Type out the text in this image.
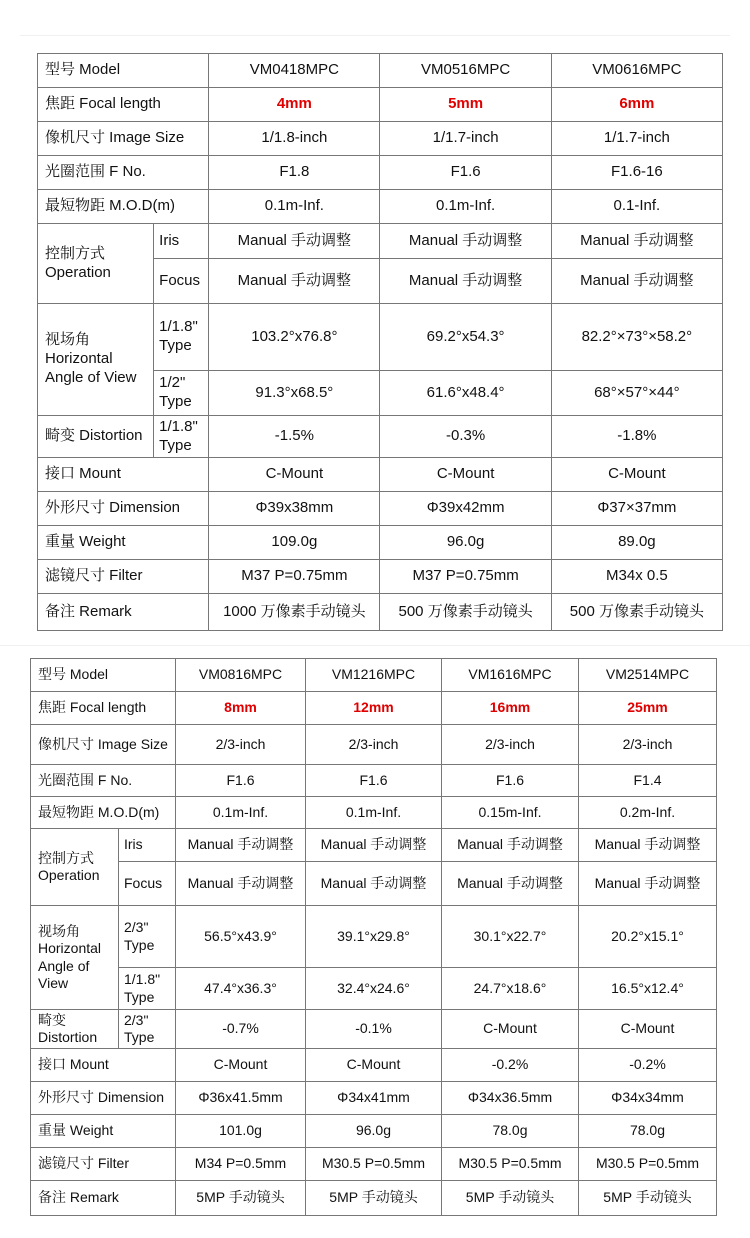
型号 Model		VM0418MPC	VM0516MPC	VM0616MPC
焦距 Focal length		4mm	5mm	6mm
像机尺寸 Image Size		1/1.8-inch	1/1.7-inch	1/1.7-inch
光圈范围 F No.		F1.8	F1.6	F1.6-16
最短物距 M.O.D(m)		0.1m-Inf.	0.1m-Inf.	0.1-Inf.
控制方式 Operation	Iris	Manual 手动调整	Manual 手动调整	Manual 手动调整
	Focus	Manual 手动调整	Manual 手动调整	Manual 手动调整
视场角 Horizontal Angle of View	1/1.8" Type	103.2°x76.8°	69.2°x54.3°	82.2°×73°×58.2°
	1/2" Type	91.3°x68.5°	61.6°x48.4°	68°×57°×44°
畸变 Distortion	1/1.8" Type	-1.5%	-0.3%	-1.8%
接口 Mount		C-Mount	C-Mount	C-Mount
外形尺寸 Dimension		Φ39x38mm	Φ39x42mm	Φ37×37mm
重量 Weight		109.0g	96.0g	89.0g
滤镜尺寸 Filter		M37 P=0.75mm	M37 P=0.75mm	M34x 0.5
备注 Remark		1000 万像素手动镜头	500 万像素手动镜头	500 万像素手动镜头
型号 Model		VM0816MPC	VM1216MPC	VM1616MPC	VM2514MPC
焦距 Focal length		8mm	12mm	16mm	25mm
像机尺寸 Image Size		2/3-inch	2/3-inch	2/3-inch	2/3-inch
光圈范围 F No.		F1.6	F1.6	F1.6	F1.4
最短物距 M.O.D(m)		0.1m-Inf.	0.1m-Inf.	0.15m-Inf.	0.2m-Inf.
控制方式 Operation	Iris	Manual 手动调整	Manual 手动调整	Manual 手动调整	Manual 手动调整
	Focus	Manual 手动调整	Manual 手动调整	Manual 手动调整	Manual 手动调整
视场角 Horizontal Angle of View	2/3" Type	56.5°x43.9°	39.1°x29.8°	30.1°x22.7°	20.2°x15.1°
	1/1.8" Type	47.4°x36.3°	32.4°x24.6°	24.7°x18.6°	16.5°x12.4°
畸变 Distortion	2/3" Type	-0.7%	-0.1%	C-Mount	C-Mount
接口 Mount		C-Mount	C-Mount	-0.2%	-0.2%
外形尺寸 Dimension		Φ36x41.5mm	Φ34x41mm	Φ34x36.5mm	Φ34x34mm
重量 Weight		101.0g	96.0g	78.0g	78.0g
滤镜尺寸 Filter		M34 P=0.5mm	M30.5 P=0.5mm	M30.5 P=0.5mm	M30.5 P=0.5mm
备注 Remark		5MP 手动镜头	5MP 手动镜头	5MP 手动镜头	5MP 手动镜头
